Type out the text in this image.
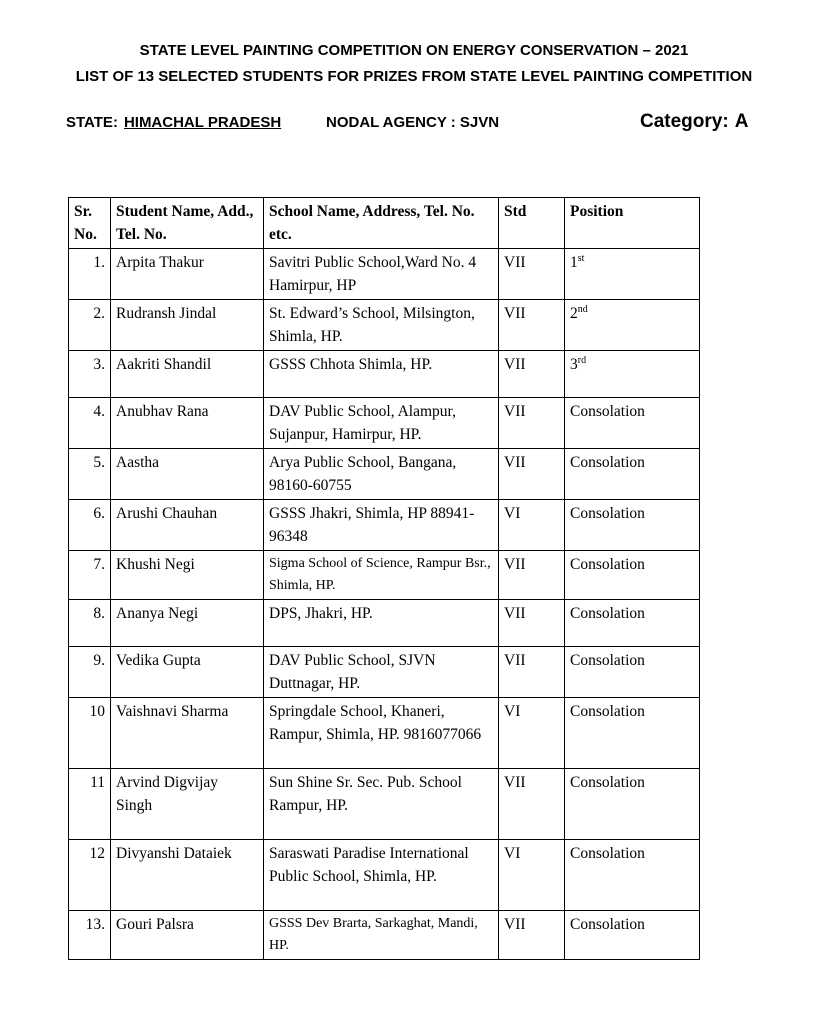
STATE LEVEL PAINTING COMPETITION ON ENERGY CONSERVATION – 2021
LIST OF 13 SELECTED STUDENTS FOR PRIZES FROM STATE LEVEL PAINTING COMPETITION
STATE: HIMACHAL PRADESH	NODAL AGENCY : SJVN	Category: A
Sr. No.	Student Name, Add., Tel. No.	School Name, Address, Tel. No. etc.	Std	Position
1.	Arpita Thakur	Savitri Public School,Ward No. 4 Hamirpur, HP	VII	1st
2.	Rudransh Jindal	St. Edward’s School, Milsington, Shimla, HP.	VII	2nd
3.	Aakriti Shandil	GSSS Chhota Shimla, HP.	VII	3rd
4.	Anubhav Rana	DAV Public School, Alampur, Sujanpur, Hamirpur, HP.	VII	Consolation
5.	Aastha	Arya Public School, Bangana, 98160-60755	VII	Consolation
6.	Arushi Chauhan	GSSS Jhakri, Shimla, HP 88941-96348	VI	Consolation
7.	Khushi Negi	Sigma School of Science, Rampur Bsr., Shimla, HP.	VII	Consolation
8.	Ananya Negi	DPS, Jhakri, HP.	VII	Consolation
9.	Vedika Gupta	DAV Public School, SJVN Duttnagar, HP.	VII	Consolation
10	Vaishnavi Sharma	Springdale School, Khaneri, Rampur, Shimla, HP. 9816077066	VI	Consolation
11	Arvind Digvijay Singh	Sun Shine Sr. Sec. Pub. School Rampur, HP.	VII	Consolation
12	Divyanshi Dataiek	Saraswati Paradise International Public School, Shimla, HP.	VI	Consolation
13.	Gouri Palsra	GSSS Dev Brarta, Sarkaghat, Mandi, HP.	VII	Consolation
